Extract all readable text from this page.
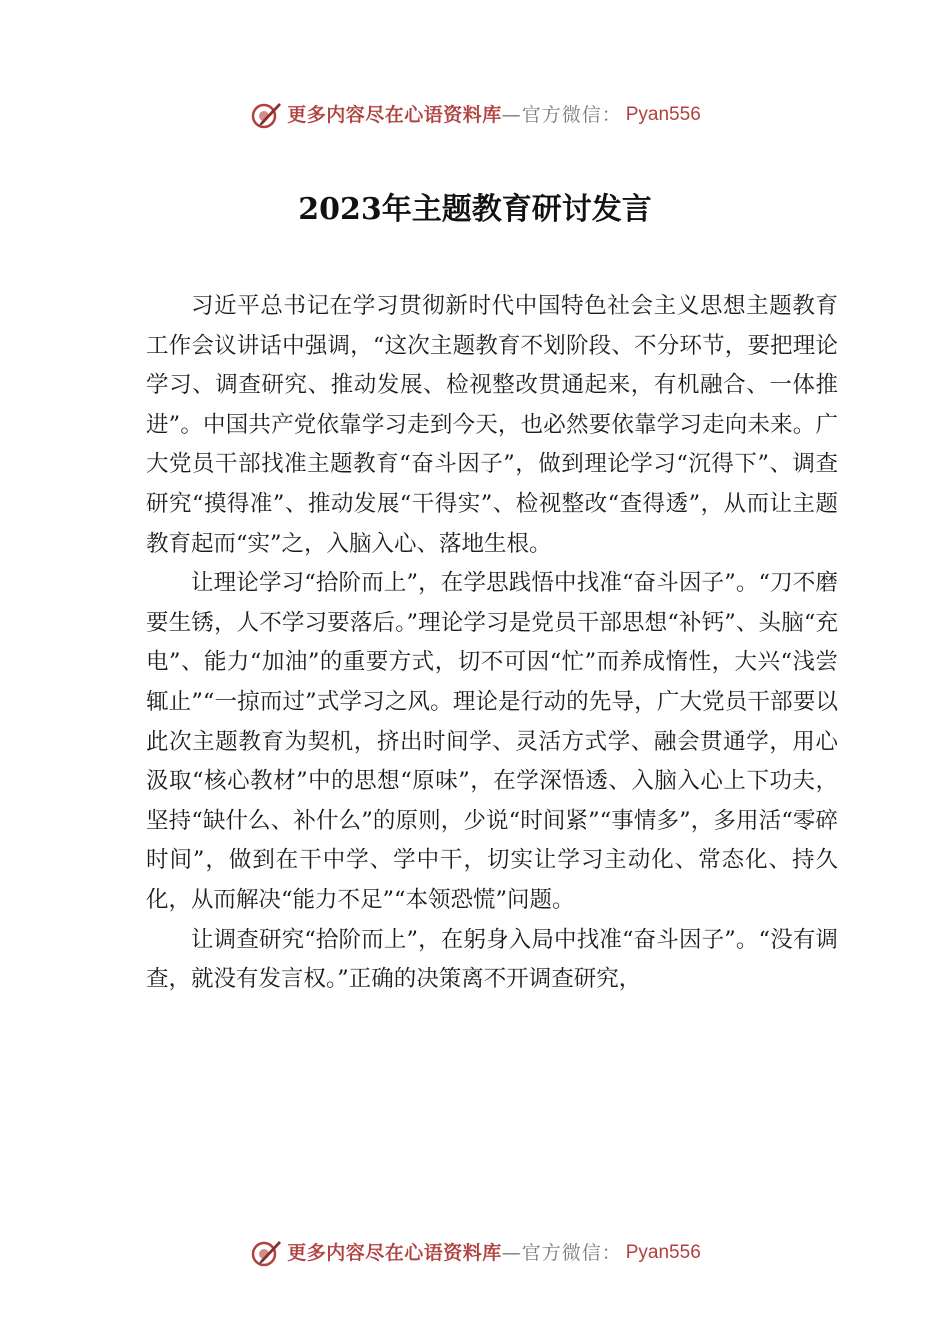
更多内容尽在心语资料库 —官方微信： Pyan556
2023年主题教育研讨发言

习近平总书记在学习贯彻新时代中国特色社会主义思想主题教育工作会议讲话中强调，“这次主题教育不划阶段、不分环节，要把理论学习、调查研究、推动发展、检视整改贯通起来，有机融合、一体推进”。中国共产党依靠学习走到今天，也必然要依靠学习走向未来。广大党员干部找准主题教育“奋斗因子”，做到理论学习“沉得下”、调查研究“摸得准”、推动发展“干得实”、检视整改“查得透”，从而让主题教育起而“实”之，入脑入心、落地生根。

让理论学习“拾阶而上”，在学思践悟中找准“奋斗因子”。“刀不磨要生锈，人不学习要落后。”理论学习是党员干部思想“补钙”、头脑“充电”、能力“加油”的重要方式，切不可因“忙”而养成惰性，大兴“浅尝辄止”“一掠而过”式学习之风。理论是行动的先导，广大党员干部要以此次主题教育为契机，挤出时间学、灵活方式学、融会贯通学，用心汲取“核心教材”中的思想“原味”，在学深悟透、入脑入心上下功夫，坚持“缺什么、补什么”的原则，少说“时间紧”“事情多”，多用活“零碎时间”，做到在干中学、学中干，切实让学习主动化、常态化、持久化，从而解决“能力不足”“本领恐慌”问题。

让调查研究“拾阶而上”，在躬身入局中找准“奋斗因子”。“没有调查，就没有发言权。”正确的决策离不开调查研究，

更多内容尽在心语资料库 —官方微信： Pyan556
